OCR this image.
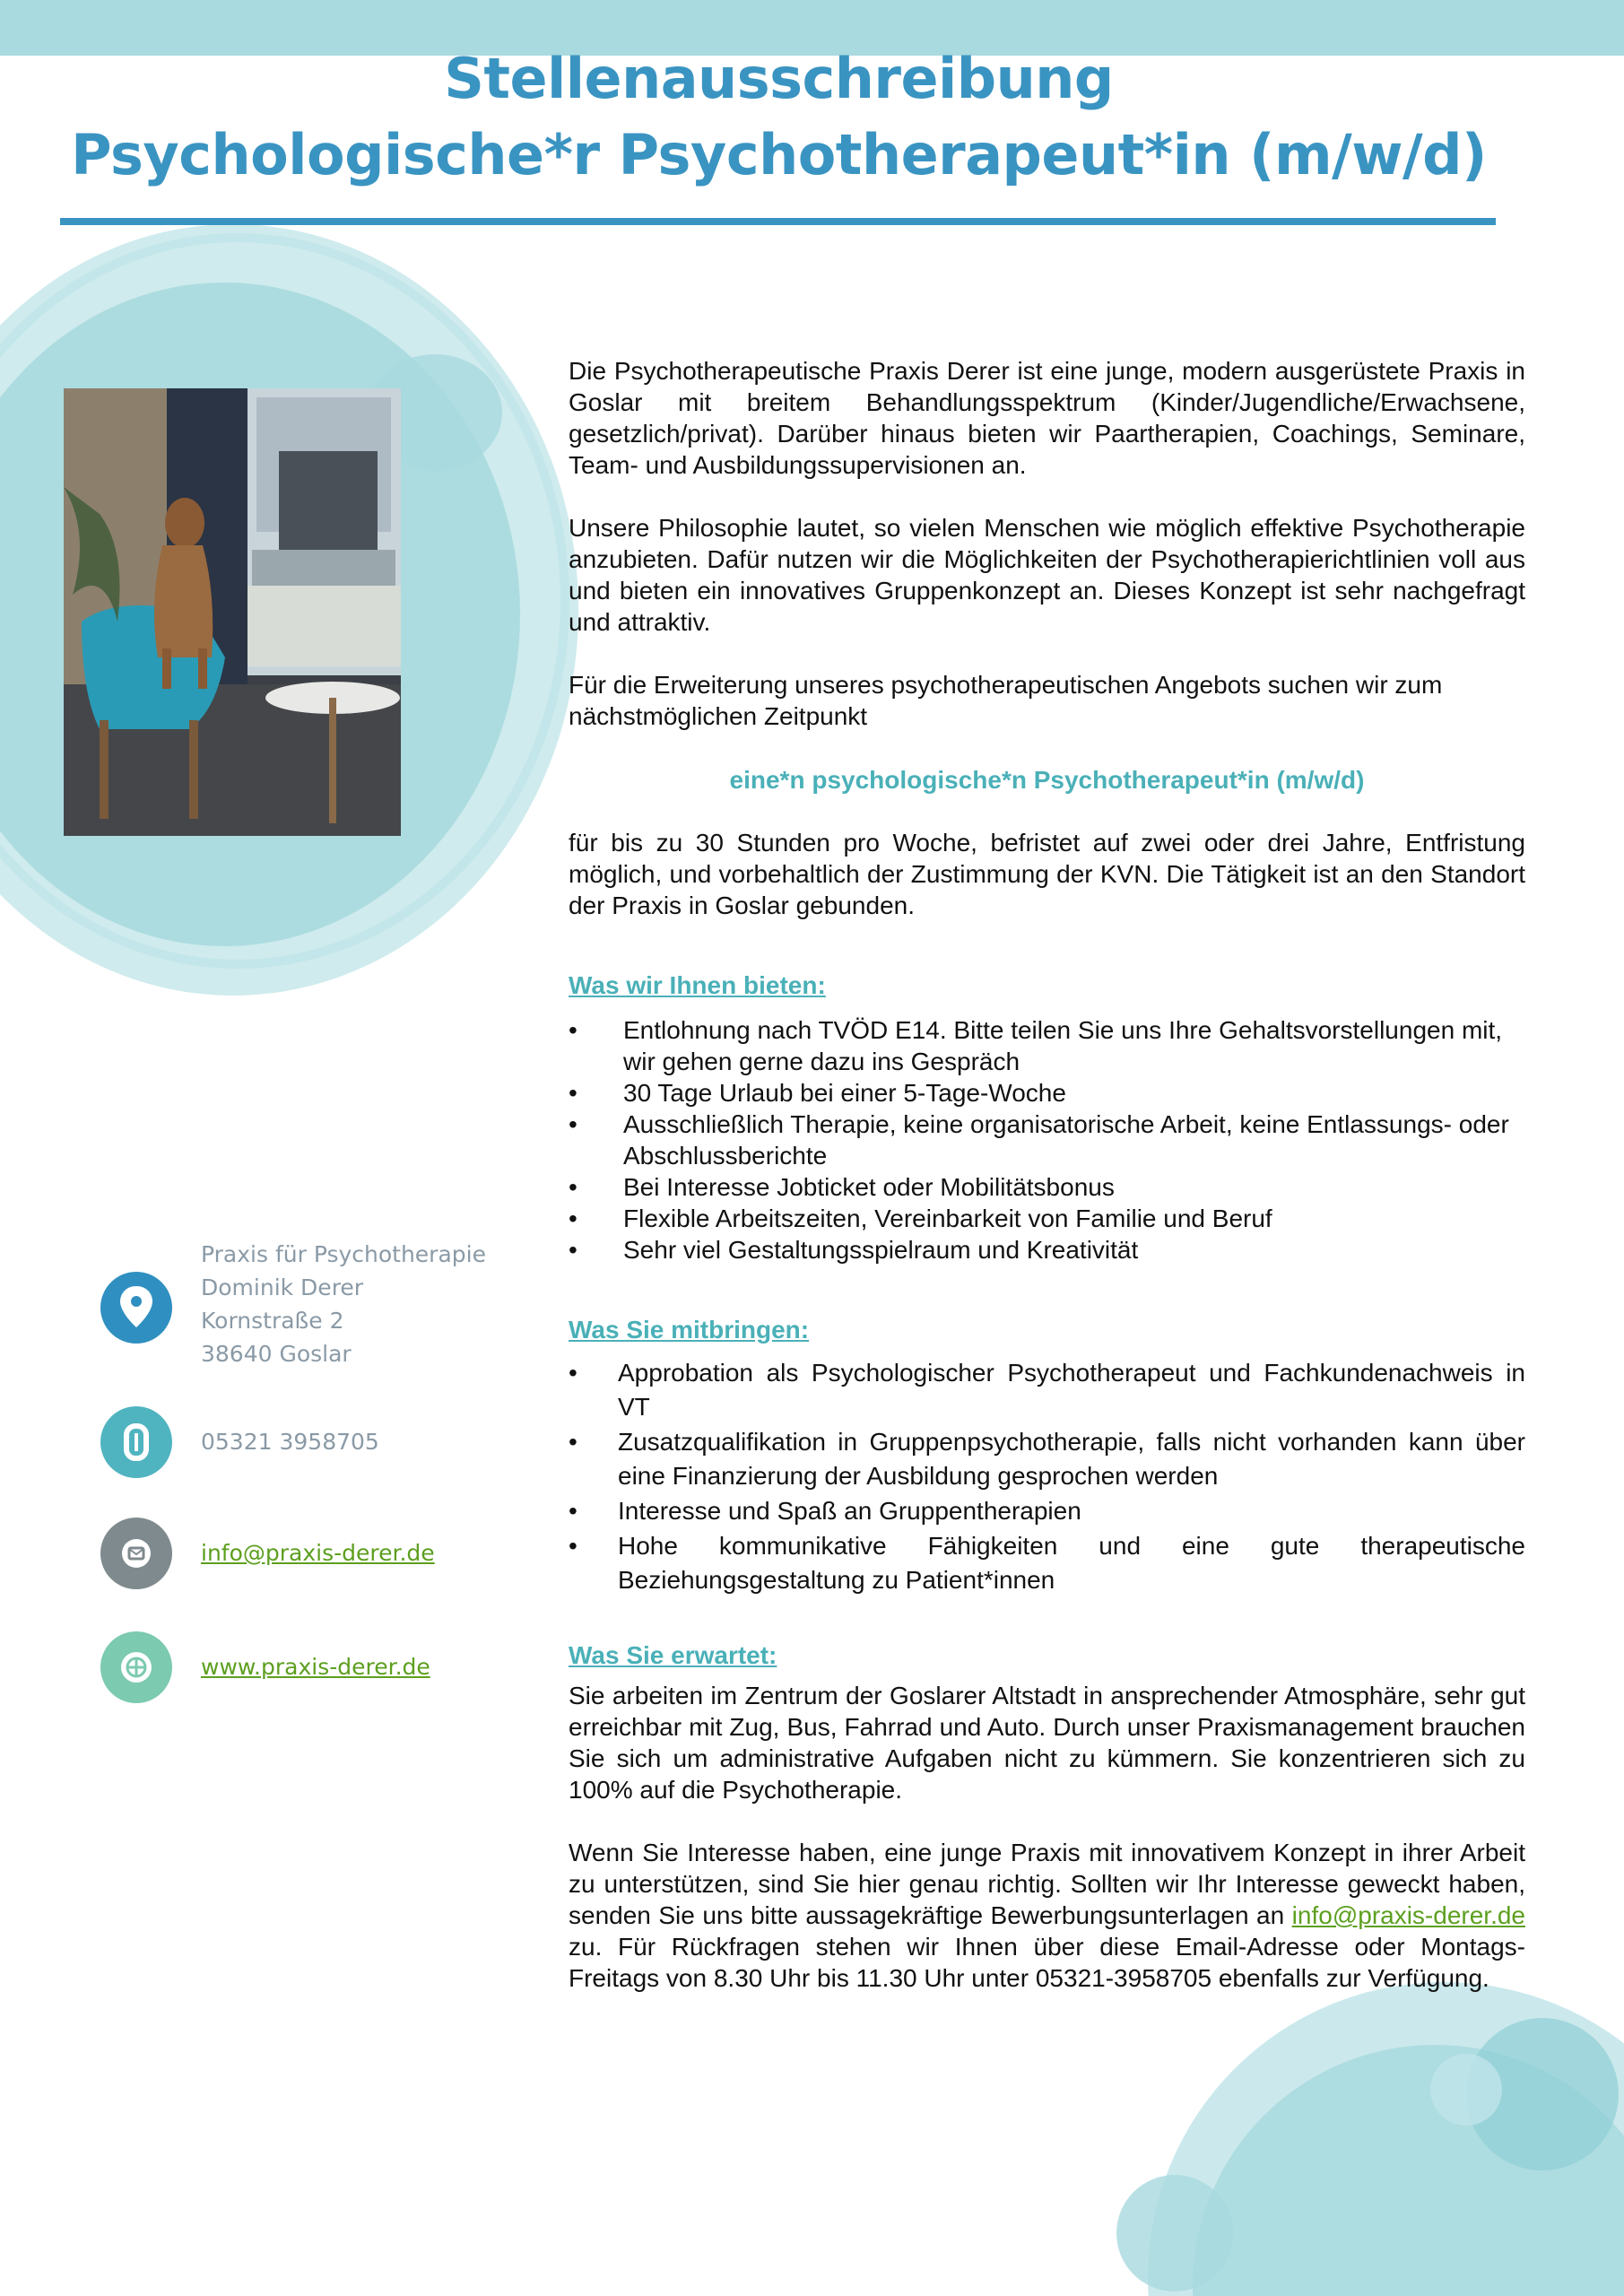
Stellenausschreibung
Psychologische*r Psychotherapeut*in (m/w/d)
Praxis für Psychotherapie
Dominik Derer
Kornstraße 2
38640 Goslar
05321 3958705
info@praxis-derer.de
www.praxis-derer.de

Die Psychotherapeutische Praxis Derer ist eine junge, modern ausgerüstete Praxis in Goslar mit breitem Behandlungsspektrum (Kinder/Jugendliche/Erwachsene, gesetzlich/privat). Darüber hinaus bieten wir Paartherapien, Coachings, Seminare, Team- und Ausbildungssupervisionen an.

Unsere Philosophie lautet, so vielen Menschen wie möglich effektive Psychotherapie anzubieten. Dafür nutzen wir die Möglichkeiten der Psychotherapierichtlinien voll aus und bieten ein innovatives Gruppenkonzept an. Dieses Konzept ist sehr nachgefragt und attraktiv.

Für die Erweiterung unseres psychotherapeutischen Angebots suchen wir zum nächstmöglichen Zeitpunkt

eine*n psychologische*n Psychotherapeut*in (m/w/d)

für bis zu 30 Stunden pro Woche, befristet auf zwei oder drei Jahre, Entfristung möglich, und vorbehaltlich der Zustimmung der KVN. Die Tätigkeit ist an den Standort der Praxis in Goslar gebunden.

Was wir Ihnen bieten:

• Entlohnung nach TVÖD E14. Bitte teilen Sie uns Ihre Gehaltsvorstellungen mit, wir gehen gerne dazu ins Gespräch
• 30 Tage Urlaub bei einer 5-Tage-Woche
• Ausschließlich Therapie, keine organisatorische Arbeit, keine Entlassungs- oder Abschlussberichte
• Bei Interesse Jobticket oder Mobilitätsbonus
• Flexible Arbeitszeiten, Vereinbarkeit von Familie und Beruf
• Sehr viel Gestaltungsspielraum und Kreativität

Was Sie mitbringen:

• Approbation als Psychologischer Psychotherapeut und Fachkundenachweis in VT
• Zusatzqualifikation in Gruppenpsychotherapie, falls nicht vorhanden kann über eine Finanzierung der Ausbildung gesprochen werden
• Interesse und Spaß an Gruppentherapien
• Hohe kommunikative Fähigkeiten und eine gute therapeutische Beziehungsgestaltung zu Patient*innen

Was Sie erwartet:

Sie arbeiten im Zentrum der Goslarer Altstadt in ansprechender Atmosphäre, sehr gut erreichbar mit Zug, Bus, Fahrrad und Auto. Durch unser Praxismanagement brauchen Sie sich um administrative Aufgaben nicht zu kümmern. Sie konzentrieren sich zu 100% auf die Psychotherapie.

Wenn Sie Interesse haben, eine junge Praxis mit innovativem Konzept in ihrer Arbeit zu unterstützen, sind Sie hier genau richtig. Sollten wir Ihr Interesse geweckt haben, senden Sie uns bitte aussagekräftige Bewerbungsunterlagen an info@praxis-derer.de zu. Für Rückfragen stehen wir Ihnen über diese Email-Adresse oder Montags-Freitags von 8.30 Uhr bis 11.30 Uhr unter 05321-3958705 ebenfalls zur Verfügung.
